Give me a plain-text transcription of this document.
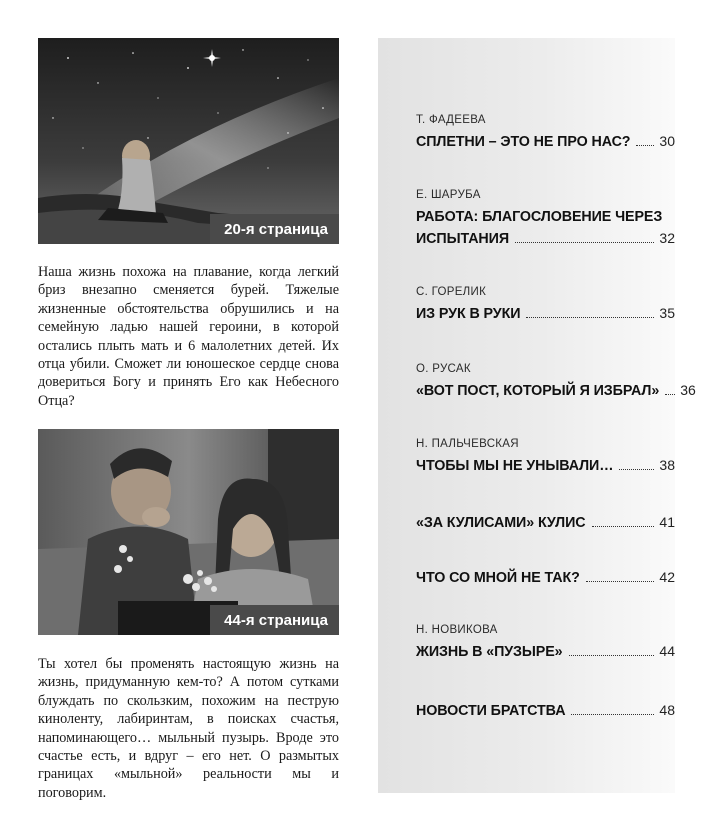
20-я страница
Наша жизнь похожа на плавание, когда легкий бриз внезапно сменяется бурей. Тяжелые жизненные обстоятельства обрушились и на семейную ладью нашей героини, в которой остались плыть мать и 6 малолетних детей. Их отца убили. Сможет ли юношеское сердце снова довериться Богу и принять Его как Небесного Отца?
44-я страница
Ты хотел бы променять настоящую жизнь на жизнь, придуманную кем-то? А потом сутками блуждать по скользким, похожим на пеструю киноленту, лабиринтам, в поисках счастья, напоминающего… мыльный пузырь. Вроде это счастье есть, и вдруг – его нет. О размытых границах «мыльной» реальности мы и поговорим.
Т. ФАДЕЕВА
СПЛЕТНИ – ЭТО НЕ ПРО НАС? 30
Е. ШАРУБА
РАБОТА: БЛАГОСЛОВЕНИЕ ЧЕРЕЗ
ИСПЫТАНИЯ	32
С. ГОРЕЛИК
ИЗ РУК В РУКИ	35
О. РУСАК
«ВОТ ПОСТ, КОТОРЫЙ Я ИЗБРАЛ» 36
Н. ПАЛЬЧЕВСКАЯ
ЧТОБЫ МЫ НЕ УНЫВАЛИ…	38
«ЗА КУЛИСАМИ» КУЛИС	41
ЧТО СО МНОЙ НЕ ТАК?	42
Н. НОВИКОВА
ЖИЗНЬ В «ПУЗЫРЕ»	44
НОВОСТИ БРАТСТВА	48
